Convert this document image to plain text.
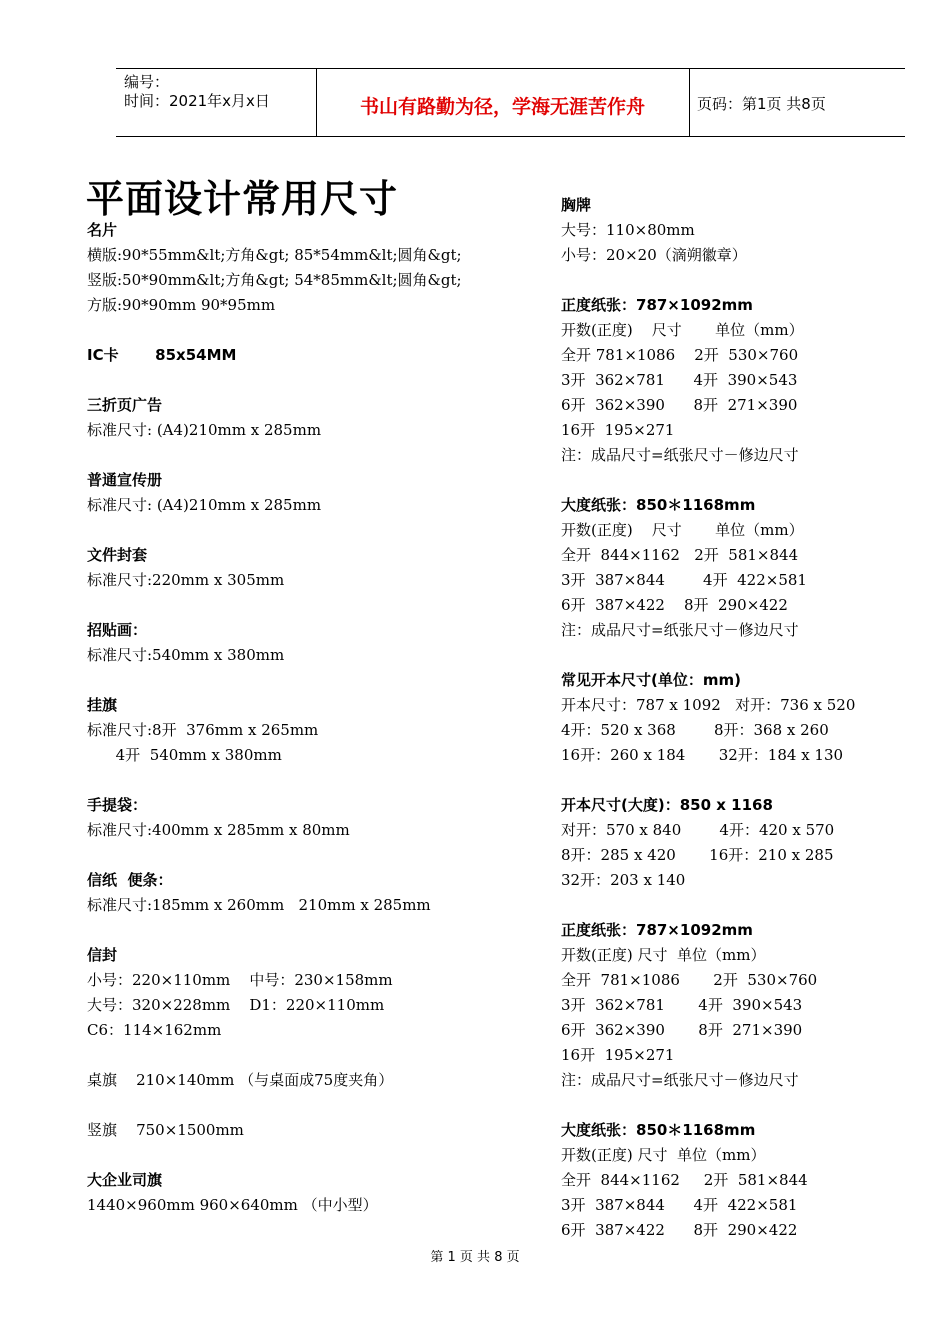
编号：
时间：2021年x月x日	书山有路勤为径，学海无涯苦作舟	页码：第1页 共8页
平面设计常用尺寸
名片
横版:90*55mm&lt;方角&gt; 85*54mm&lt;圆角&gt;
竖版:50*90mm&lt;方角&gt; 54*85mm&lt;圆角&gt;
方版:90*90mm 90*95mm
IC卡       85x54MM
三折页广告
标准尺寸: (A4)210mm x 285mm
普通宣传册
标准尺寸: (A4)210mm x 285mm
文件封套
标准尺寸:220mm x 305mm
招贴画：
标准尺寸:540mm x 380mm
挂旗
标准尺寸:8开  376mm x 265mm
4开  540mm x 380mm
手提袋：
标准尺寸:400mm x 285mm x 80mm
信纸  便条：
标准尺寸:185mm x 260mm   210mm x 285mm
信封
小号：220×110mm    中号：230×158mm
大号：320×228mm    D1：220×110mm
C6：114×162mm
桌旗    210×140mm （与桌面成75度夹角）
竖旗    750×1500mm
大企业司旗
1440×960mm 960×640mm （中小型）
胸牌
大号：110×80mm
小号：20×20（滴朔徽章）
正度纸张：787×1092mm
开数(正度)    尺寸       单位（mm）
全开 781×1086    2开  530×760
3开  362×781      4开  390×543
6开  362×390      8开  271×390
16开  195×271
注：成品尺寸=纸张尺寸－修边尺寸
大度纸张：850＊1168mm
开数(正度)    尺寸       单位（mm）
全开  844×1162   2开  581×844
3开  387×844        4开  422×581
6开  387×422    8开  290×422
注：成品尺寸=纸张尺寸－修边尺寸
常见开本尺寸(单位：mm)
开本尺寸：787 x 1092   对开：736 x 520
4开：520 x 368        8开：368 x 260
16开：260 x 184       32开：184 x 130
开本尺寸(大度)：850 x 1168
对开：570 x 840        4开：420 x 570
8开：285 x 420       16开：210 x 285
32开：203 x 140
正度纸张：787×1092mm
开数(正度) 尺寸  单位（mm）
全开  781×1086       2开  530×760
3开  362×781       4开  390×543
6开  362×390       8开  271×390
16开  195×271
注：成品尺寸=纸张尺寸－修边尺寸
大度纸张：850＊1168mm
开数(正度) 尺寸  单位（mm）
全开  844×1162     2开  581×844
3开  387×844      4开  422×581
6开  387×422      8开  290×422
第 1 页 共 8 页
